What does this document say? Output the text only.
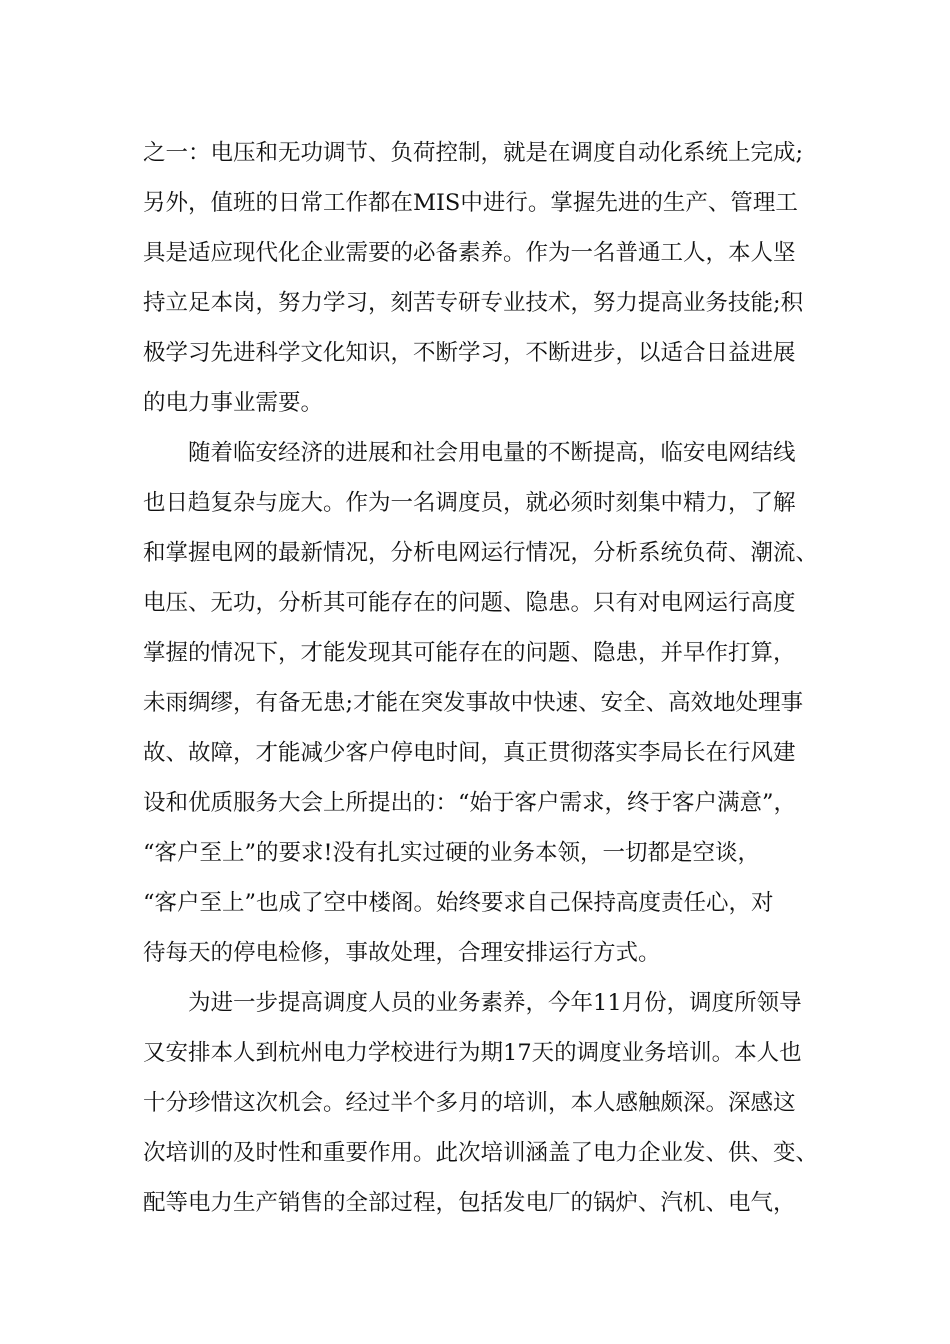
之一：电压和无功调节、负荷控制，就是在调度自动化系统上完成;
另外，值班的日常工作都在MIS中进行。掌握先进的生产、管理工
具是适应现代化企业需要的必备素养。作为一名普通工人，本人坚
持立足本岗，努力学习，刻苦专研专业技术，努力提高业务技能;积
极学习先进科学文化知识，不断学习，不断进步，以适合日益进展
的电力事业需要。
随着临安经济的进展和社会用电量的不断提高，临安电网结线
也日趋复杂与庞大。作为一名调度员，就必须时刻集中精力，了解
和掌握电网的最新情况，分析电网运行情况，分析系统负荷、潮流、
电压、无功，分析其可能存在的问题、隐患。只有对电网运行高度
掌握的情况下，才能发现其可能存在的问题、隐患，并早作打算，
未雨绸缪，有备无患;才能在突发事故中快速、安全、高效地处理事
故、故障，才能减少客户停电时间，真正贯彻落实李局长在行风建
设和优质服务大会上所提出的：“始于客户需求，终于客户满意”，
“客户至上”的要求!没有扎实过硬的业务本领，一切都是空谈，
“客户至上”也成了空中楼阁。始终要求自己保持高度责任心，对
待每天的停电检修，事故处理，合理安排运行方式。
为进一步提高调度人员的业务素养，今年11月份，调度所领导
又安排本人到杭州电力学校进行为期17天的调度业务培训。本人也
十分珍惜这次机会。经过半个多月的培训，本人感触颇深。深感这
次培训的及时性和重要作用。此次培训涵盖了电力企业发、供、变、
配等电力生产销售的全部过程，包括发电厂的锅炉、汽机、电气，
